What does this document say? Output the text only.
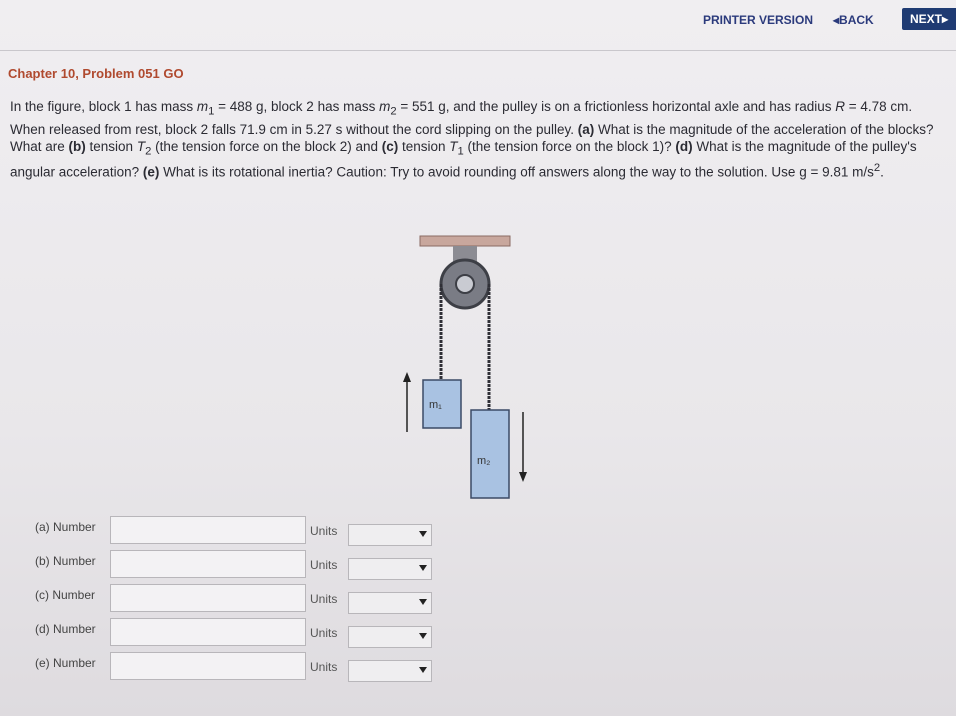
PRINTER VERSION ◂BACK	NEXT▸
Chapter 10, Problem 051 GO
In the figure, block 1 has mass $m_1 = 488$ g, block 2 has mass $m_2 = 551$ g, and the pulley is on a frictionless horizontal axle and has radius R = 4.78 cm. When released from rest, block 2 falls 71.9 cm in 5.27 s without the cord slipping on the pulley. (a) What is the magnitude of the acceleration of the blocks? What are (b) tension $T_2$ (the tension force on the block 2) and (c) tension $T_1$ (the tension force on the block 1)? (d) What is the magnitude of the pulley's angular acceleration? (e) What is its rotational inertia? Caution: Try to avoid rounding off answers along the way to the solution. Use g = 9.81 $m/s^2$.
m₁
m₂
(a) Number	Units
(b) Number	Units
(c) Number	Units
(d) Number	Units
(e) Number	Units
